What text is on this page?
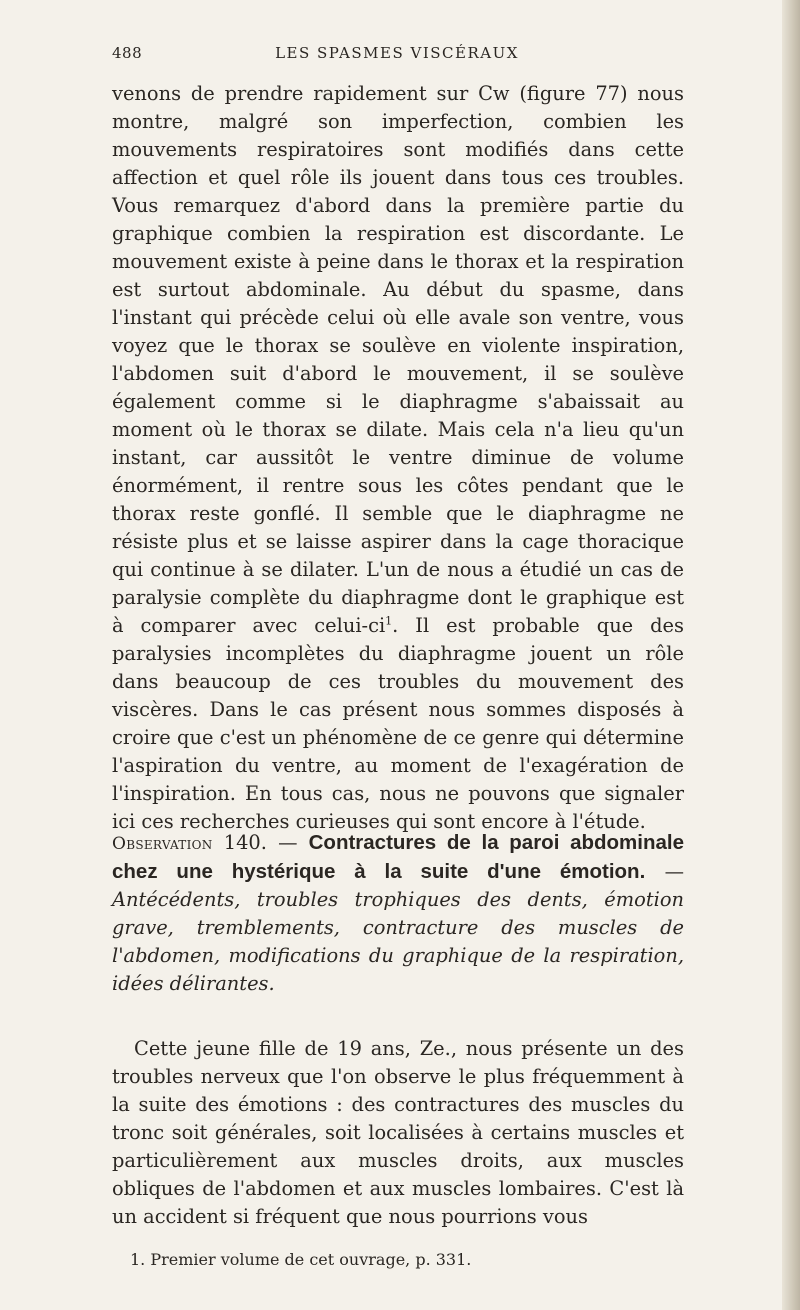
488	LES SPASMES VISCÉRAUX

venons de prendre rapidement sur Cw (figure 77) nous montre, malgré son imperfection, combien les mouvements respiratoires sont modifiés dans cette affection et quel rôle ils jouent dans tous ces troubles. Vous remarquez d'abord dans la première partie du graphique combien la respiration est discordante. Le mouvement existe à peine dans le thorax et la respiration est surtout abdominale. Au début du spasme, dans l'instant qui précède celui où elle avale son ventre, vous voyez que le thorax se soulève en violente inspiration, l'abdomen suit d'abord le mouvement, il se soulève également comme si le diaphragme s'abaissait au moment où le thorax se dilate. Mais cela n'a lieu qu'un instant, car aussitôt le ventre diminue de volume énormément, il rentre sous les côtes pendant que le thorax reste gonflé. Il semble que le diaphragme ne résiste plus et se laisse aspirer dans la cage thoracique qui continue à se dilater. L'un de nous a étudié un cas de paralysie complète du diaphragme dont le graphique est à comparer avec celui-$ci^1$. Il est probable que des paralysies incomplètes du diaphragme jouent un rôle dans beaucoup de ces troubles du mouvement des viscères. Dans le cas présent nous sommes disposés à croire que c'est un phénomène de ce genre qui détermine l'aspiration du ventre, au moment de l'exagération de l'inspiration. En tous cas, nous ne pouvons que signaler ici ces recherches curieuses qui sont encore à l'étude.

Observation 140. — Contractures de la paroi abdominale chez une hystérique à la suite d'une émotion. — Antécédents, troubles trophiques des dents, émotion grave, tremblements, contracture des muscles de l'abdomen, modifications du graphique de la respiration, idées délirantes.

Cette jeune fille de 19 ans, Ze., nous présente un des troubles nerveux que l'on observe le plus fréquemment à la suite des émotions : des contractures des muscles du tronc soit générales, soit localisées à certains muscles et particulièrement aux muscles droits, aux muscles obliques de l'abdomen et aux muscles lombaires. C'est là un accident si fréquent que nous pourrions vous

1. Premier volume de cet ouvrage, p. 331.
